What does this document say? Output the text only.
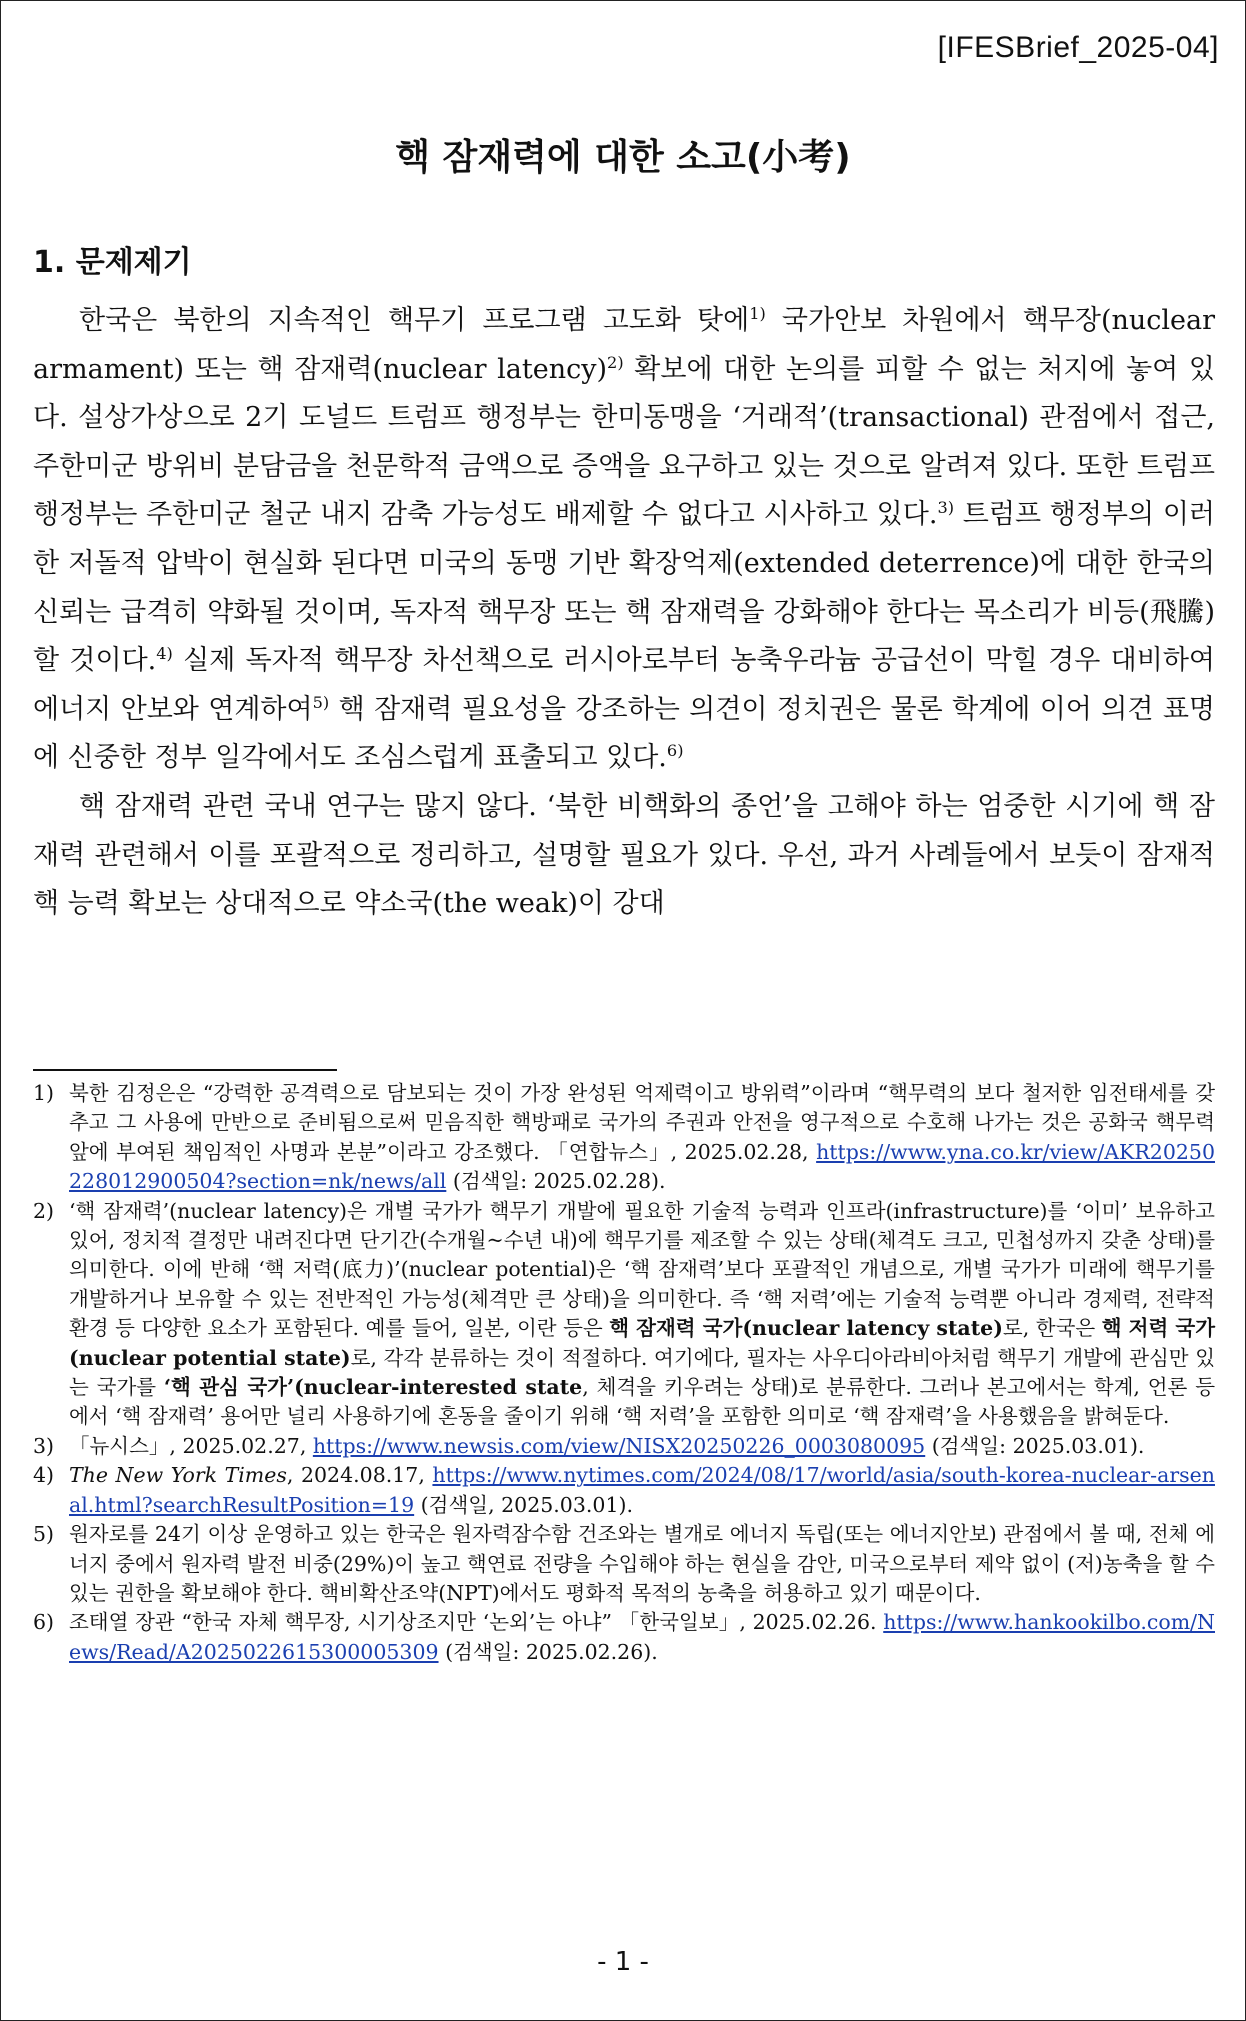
[IFESBrief_2025-04]
핵 잠재력에 대한 소고(小考)
1. 문제제기

한국은 북한의 지속적인 핵무기 프로그램 고도화 탓에$^{1)}$ 국가안보 차원에서 핵무장(nuclear armament) 또는 핵 잠재력(nuclear latency)$^{2)}$ 확보에 대한 논의를 피할 수 없는 처지에 놓여 있다. 설상가상으로 2기 도널드 트럼프 행정부는 한미동맹을 ‘거래적’(transactional) 관점에서 접근, 주한미군 방위비 분담금을 천문학적 금액으로 증액을 요구하고 있는 것으로 알려져 있다. 또한 트럼프 행정부는 주한미군 철군 내지 감축 가능성도 배제할 수 없다고 시사하고 있다.$^{3)}$ 트럼프 행정부의 이러한 저돌적 압박이 현실화 된다면 미국의 동맹 기반 확장억제(extended deterrence)에 대한 한국의 신뢰는 급격히 약화될 것이며, 독자적 핵무장 또는 핵 잠재력을 강화해야 한다는 목소리가 비등(飛騰)할 것이다.$^{4)}$ 실제 독자적 핵무장 차선책으로 러시아로부터 농축우라늄 공급선이 막힐 경우 대비하여 에너지 안보와 연계하여$^{5)}$ 핵 잠재력 필요성을 강조하는 의견이 정치권은 물론 학계에 이어 의견 표명에 신중한 정부 일각에서도 조심스럽게 표출되고 있다.$^{6)}$

핵 잠재력 관련 국내 연구는 많지 않다. ‘북한 비핵화의 종언’을 고해야 하는 엄중한 시기에 핵 잠재력 관련해서 이를 포괄적으로 정리하고, 설명할 필요가 있다. 우선, 과거 사례들에서 보듯이 잠재적 핵 능력 확보는 상대적으로 약소국(the weak)이 강대

1) 북한 김정은은 “강력한 공격력으로 담보되는 것이 가장 완성된 억제력이고 방위력”이라며 “핵무력의 보다 철저한 임전태세를 갖추고 그 사용에 만반으로 준비됨으로써 믿음직한 핵방패로 국가의 주권과 안전을 영구적으로 수호해 나가는 것은 공화국 핵무력 앞에 부여된 책임적인 사명과 본분”이라고 강조했다. 「연합뉴스」, 2025.02.28, https://www.yna.co.kr/view/AKR20250228012900504?section=nk/news/all (검색일: 2025.02.28).
2) ‘핵 잠재력’(nuclear latency)은 개별 국가가 핵무기 개발에 필요한 기술적 능력과 인프라(infrastructure)를 ‘이미’ 보유하고 있어, 정치적 결정만 내려진다면 단기간(수개월~수년 내)에 핵무기를 제조할 수 있는 상태(체격도 크고, 민첩성까지 갖춘 상태)를 의미한다. 이에 반해 ‘핵 저력(底力)’(nuclear potential)은 ‘핵 잠재력’보다 포괄적인 개념으로, 개별 국가가 미래에 핵무기를 개발하거나 보유할 수 있는 전반적인 가능성(체격만 큰 상태)을 의미한다. 즉 ‘핵 저력’에는 기술적 능력뿐 아니라 경제력, 전략적 환경 등 다양한 요소가 포함된다. 예를 들어, 일본, 이란 등은 핵 잠재력 국가(nuclear latency state)로, 한국은 핵 저력 국가(nuclear potential state)로, 각각 분류하는 것이 적절하다. 여기에다, 필자는 사우디아라비아처럼 핵무기 개발에 관심만 있는 국가를 ‘핵 관심 국가’(nuclear-interested state, 체격을 키우려는 상태)로 분류한다. 그러나 본고에서는 학계, 언론 등에서 ‘핵 잠재력’ 용어만 널리 사용하기에 혼동을 줄이기 위해 ‘핵 저력’을 포함한 의미로 ‘핵 잠재력’을 사용했음을 밝혀둔다.
3) 「뉴시스」, 2025.02.27, https://www.newsis.com/view/NISX20250226_0003080095 (검색일: 2025.03.01).
4) The New York Times, 2024.08.17, https://www.nytimes.com/2024/08/17/world/asia/south-korea-nuclear-arsenal.html?searchResultPosition=19 (검색일, 2025.03.01).
5) 원자로를 24기 이상 운영하고 있는 한국은 원자력잠수함 건조와는 별개로 에너지 독립(또는 에너지안보) 관점에서 볼 때, 전체 에너지 중에서 원자력 발전 비중(29%)이 높고 핵연료 전량을 수입해야 하는 현실을 감안, 미국으로부터 제약 없이 (저)농축을 할 수 있는 권한을 확보해야 한다. 핵비확산조약(NPT)에서도 평화적 목적의 농축을 허용하고 있기 때문이다.
6) 조태열 장관 “한국 자체 핵무장, 시기상조지만 ‘논외’는 아냐” 「한국일보」, 2025.02.26. https://www.hankookilbo.com/News/Read/A2025022615300005309 (검색일: 2025.02.26).
- 1 -
